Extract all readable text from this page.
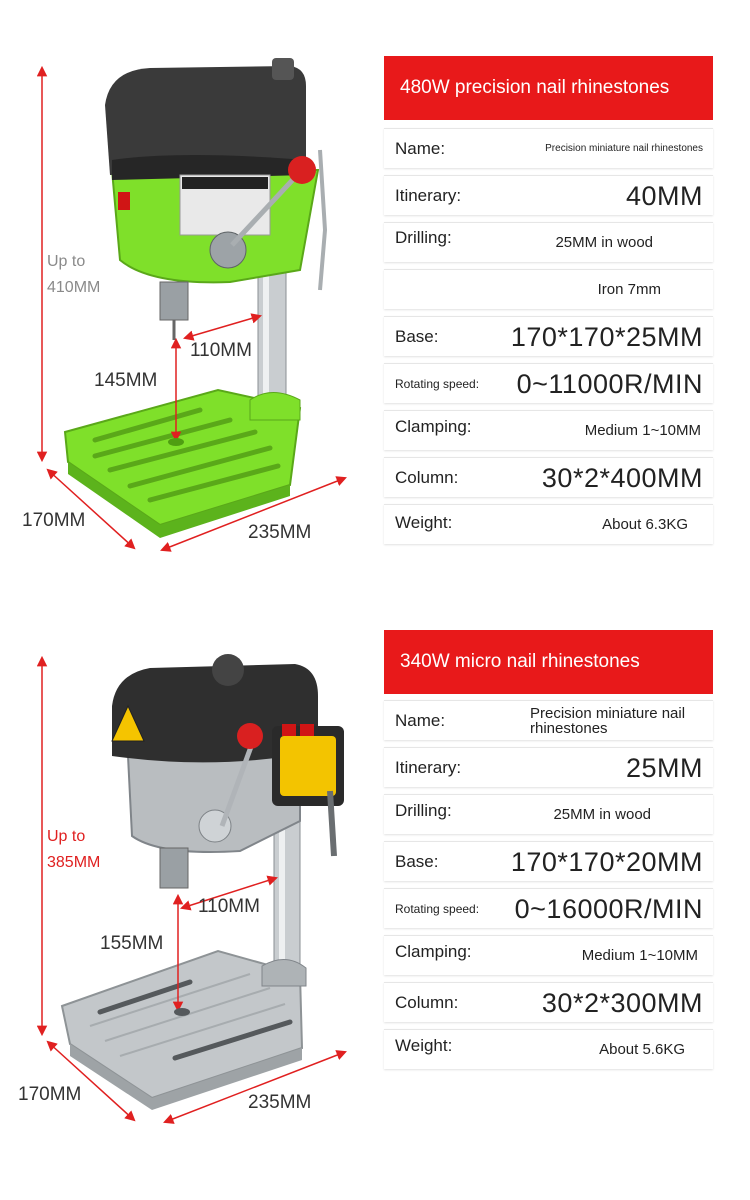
Up to
410MM
110MM
145MM
170MM
235MM
480W precision nail rhinestones
Name:	Precision miniature nail rhinestones
Itinerary:	40MM
Drilling:	25MM in wood
Iron 7mm
Base:	170*170*25MM
Rotating speed: 0~11000R/MIN
Clamping:	Medium 1~10MM
Column:	30*2*400MM
Weight:	About 6.3KG
Up to
385MM
110MM
155MM
170MM	235MM
340W micro nail rhinestones
Name:	Precision miniature nail rhinestones
Itinerary:	25MM
Drilling:	25MM in wood
Base:	170*170*20MM
Rotating speed: 0~16000R/MIN
Clamping:	Medium 1~10MM
Column:	30*2*300MM
Weight:	About 5.6KG
